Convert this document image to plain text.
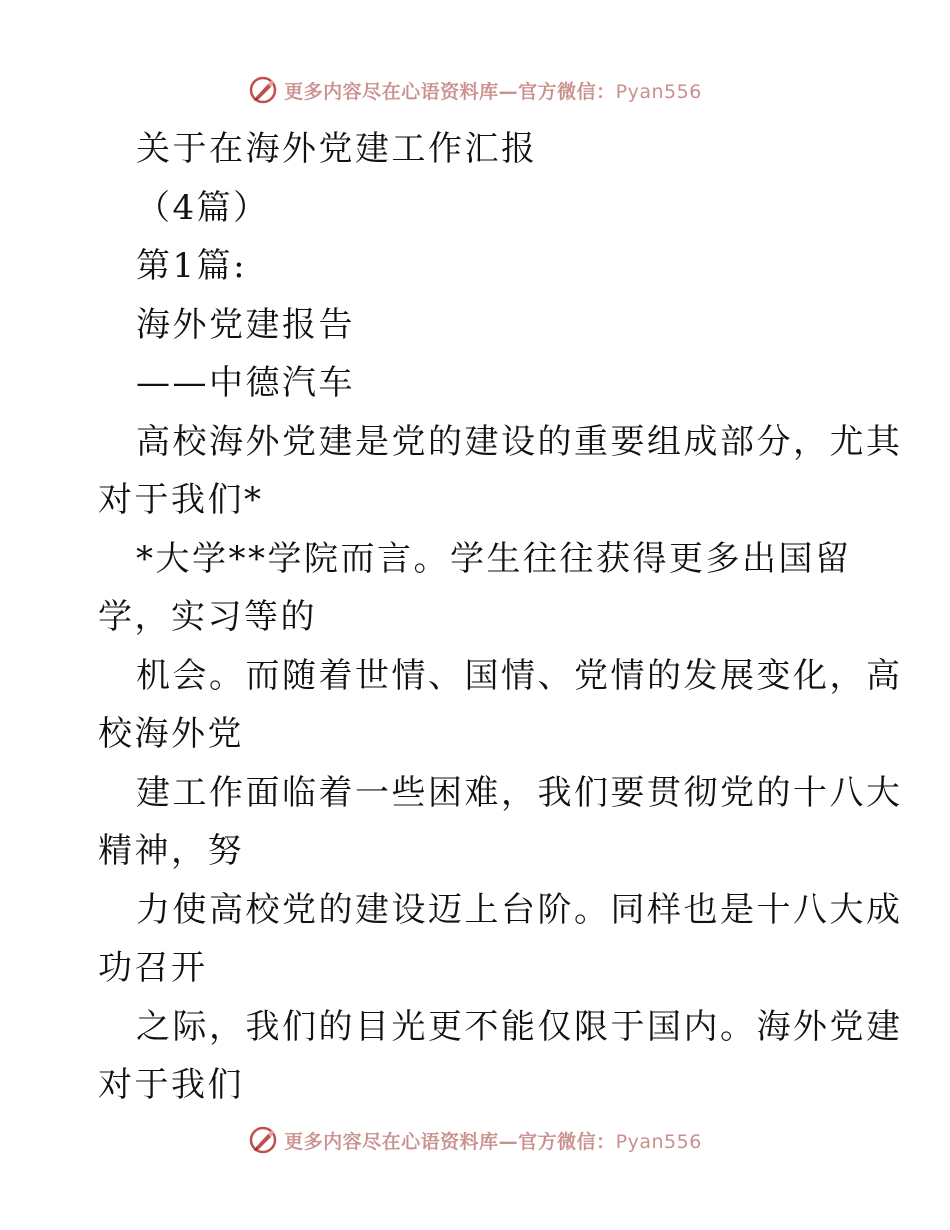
更多内容尽在心语资料库—官方微信：Pyan556
关于在海外党建工作汇报
（4篇）
第1篇:
海外党建报告
——中德汽车
高校海外党建是党的建设的重要组成部分，尤其
对于我们*
*大学**学院而言。学生往往获得更多出国留
学，实习等的
机会。而随着世情、国情、党情的发展变化，高
校海外党
建工作面临着一些困难，我们要贯彻党的十八大
精神，努
力使高校党的建设迈上台阶。同样也是十八大成
功召开
之际，我们的目光更不能仅限于国内。海外党建
对于我们
更多内容尽在心语资料库—官方微信：Pyan556
